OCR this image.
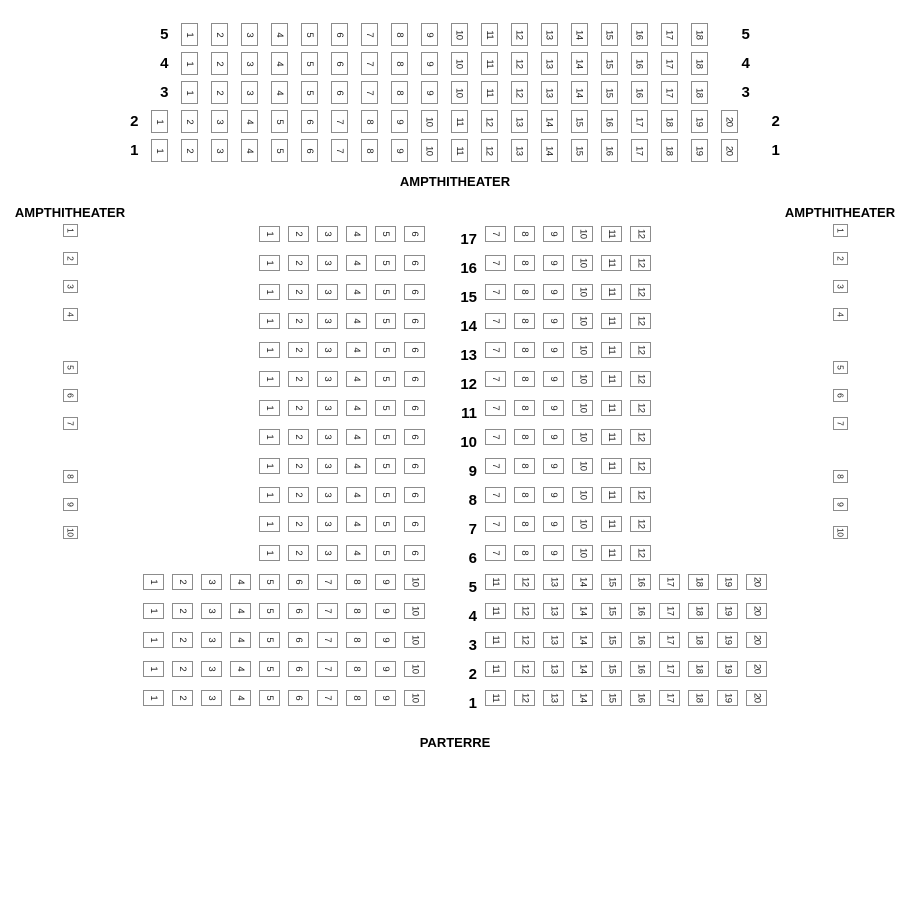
5 1 2 3 4 5 6 7 8 9 10 11 12 13 14 15 16 17 18 5
4 1 2 3 4 5 6 7 8 9 10 11 12 13 14 15 16 17 18 4
3 1 2 3 4 5 6 7 8 9 10 11 12 13 14 15 16 17 18 3
2 1 2 3 4 5 6 7 8 9 10 11 12 13 14 15 16 17 18 19 20 2
1 1 2 3 4 5 6 7 8 9 10 11 12 13 14 15 16 17 18 19 20 1
AMPTHITHEATER
AMPTHITHEATER
1
2
3
4
5
6
7
8
9
10
1 2 3 4 5 6	17 7 8 9 10 11 12
1 2 3 4 5 6	16 7 8 9 10 11 12
1 2 3 4 5 6	15 7 8 9 10 11 12
1 2 3 4 5 6	14 7 8 9 10 11 12
1 2 3 4 5 6	13 7 8 9 10 11 12
1 2 3 4 5 6	12 7 8 9 10 11 12
1 2 3 4 5 6	11 7 8 9 10 11 12
1 2 3 4 5 6	10 7 8 9 10 11 12
1 2 3 4 5 6	9 7 8 9 10 11 12
1 2 3 4 5 6	8 7 8 9 10 11 12
1 2 3 4 5 6	7 7 8 9 10 11 12
1 2 3 4 5 6	6 7 8 9 10 11 12
1 2 3 4 5 6 7 8 9 10	5 11 12 13 14 15 16 17 18 19 20
1 2 3 4 5 6 7 8 9 10	4 11 12 13 14 15 16 17 18 19 20
1 2 3 4 5 6 7 8 9 10	3 11 12 13 14 15 16 17 18 19 20
1 2 3 4 5 6 7 8 9 10	2 11 12 13 14 15 16 17 18 19 20
1 2 3 4 5 6 7 8 9 10	1 11 12 13 14 15 16 17 18 19 20
PARTERRE
AMPTHITHEATER
1
2
3
4
5
6
7
8
9
10
